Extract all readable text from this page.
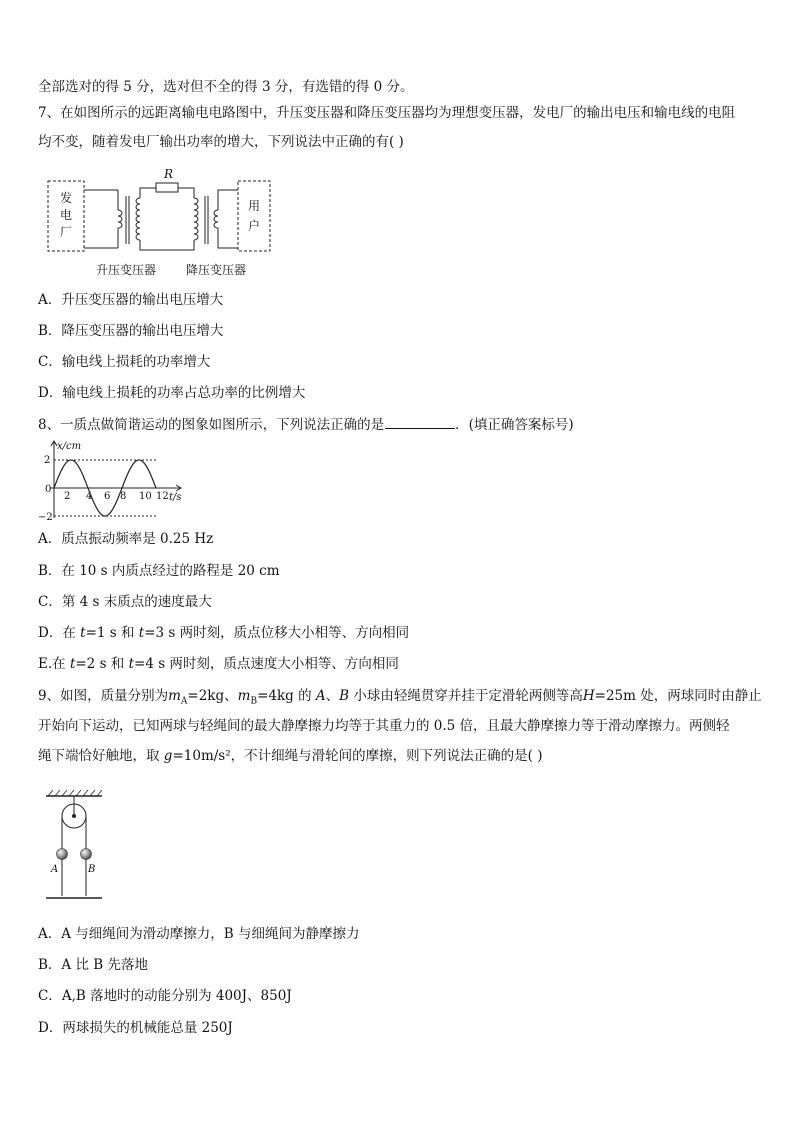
全部选对的得 5 分，选对但不全的得 3 分，有选错的得 0 分。
7、在如图所示的远距离输电电路图中，升压变压器和降压变压器均为理想变压器，发电厂的输出电压和输电线的电阻
均不变，随着发电厂输出功率的增大，下列说法中正确的有( )
R
发
电
厂
用
户
升压变压器 降压变压器
A．升压变压器的输出电压增大
B．降压变压器的输出电压增大
C．输电线上损耗的功率增大
D．输电线上损耗的功率占总功率的比例增大
8、一质点做简谐运动的图象如图所示，下列说法正确的是	．(填正确答案标号)
x/cm
t/s
2
0
−2
2 4 6 8 10 12
A．质点振动频率是 0.25 Hz
B．在 10 s 内质点经过的路程是 20 cm
C．第 4 s 末质点的速度最大
D．在 t=1 s 和 t=3 s 两时刻，质点位移大小相等、方向相同
E.在 t=2 s 和 t=4 s 两时刻，质点速度大小相等、方向相同
9、如图，质量分别为$m_A=2kg$、$m_B=4kg$ 的 A、B 小球由轻绳贯穿并挂于定滑轮两侧等高H=25m 处，两球同时由静止
开始向下运动，已知两球与轻绳间的最大静摩擦力均等于其重力的 0.5 倍，且最大静摩擦力等于滑动摩擦力。两侧轻
绳下端恰好触地，取 g=10m/s²，不计细绳与滑轮间的摩擦，则下列说法正确的是( )
A	B
A．A 与细绳间为滑动摩擦力，B 与细绳间为静摩擦力
B．A 比 B 先落地
C．A,B 落地时的动能分别为 400J、850J
D．两球损失的机械能总量 250J
